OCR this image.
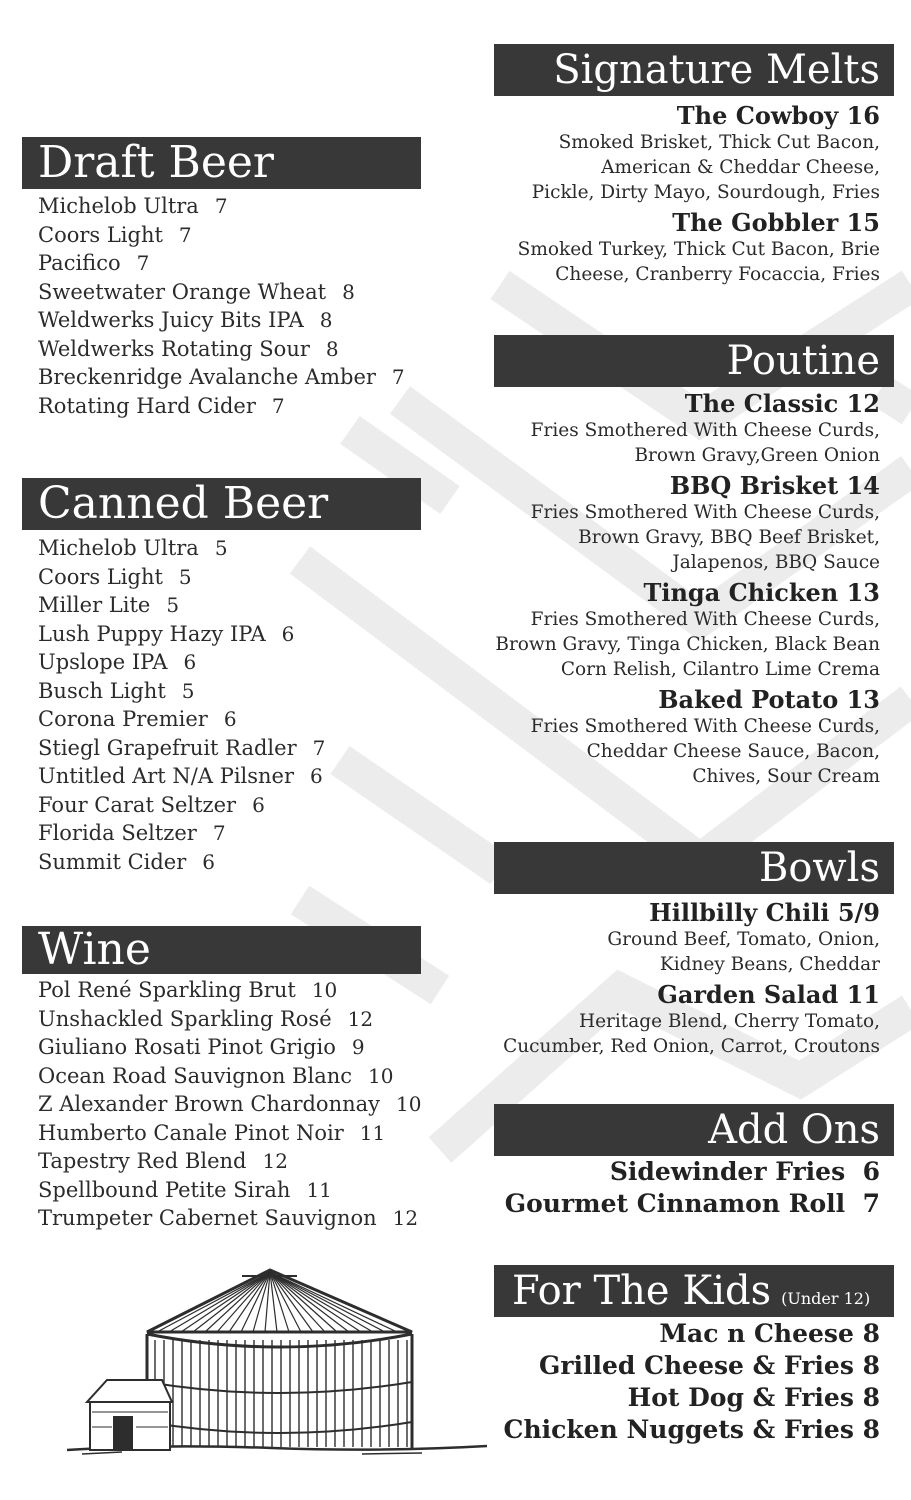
Draft Beer
Michelob Ultra 7
Coors Light 7
Pacifico 7
Sweetwater Orange Wheat 8
Weldwerks Juicy Bits IPA 8
Weldwerks Rotating Sour 8
Breckenridge Avalanche Amber 7
Rotating Hard Cider 7
Canned Beer
Michelob Ultra 5
Coors Light 5
Miller Lite 5
Lush Puppy Hazy IPA 6
Upslope IPA 6
Busch Light 5
Corona Premier 6
Stiegl Grapefruit Radler 7
Untitled Art N/A Pilsner 6
Four Carat Seltzer 6
Florida Seltzer 7
Summit Cider 6
Wine
Pol René Sparkling Brut 10
Unshackled Sparkling Rosé 12
Giuliano Rosati Pinot Grigio 9
Ocean Road Sauvignon Blanc 10
Z Alexander Brown Chardonnay 10
Humberto Canale Pinot Noir 11
Tapestry Red Blend 12
Spellbound Petite Sirah 11
Trumpeter Cabernet Sauvignon 12
Signature Melts
The Cowboy 16
Smoked Brisket, Thick Cut Bacon,
American & Cheddar Cheese,
Pickle, Dirty Mayo, Sourdough, Fries
The Gobbler 15
Smoked Turkey, Thick Cut Bacon, Brie
Cheese, Cranberry Focaccia, Fries
Poutine
The Classic 12
Fries Smothered With Cheese Curds,
Brown Gravy,Green Onion
BBQ Brisket 14
Fries Smothered With Cheese Curds,
Brown Gravy, BBQ Beef Brisket,
Jalapenos, BBQ Sauce
Tinga Chicken 13
Fries Smothered With Cheese Curds,
Brown Gravy, Tinga Chicken, Black Bean
Corn Relish, Cilantro Lime Crema
Baked Potato 13
Fries Smothered With Cheese Curds,
Cheddar Cheese Sauce, Bacon,
Chives, Sour Cream
Bowls
Hillbilly Chili 5/9
Ground Beef, Tomato, Onion,
Kidney Beans, Cheddar
Garden Salad 11
Heritage Blend, Cherry Tomato,
Cucumber, Red Onion, Carrot, Croutons
Add Ons
Sidewinder Fries 6
Gourmet Cinnamon Roll 7
For The Kids (Under 12)
Mac n Cheese 8
Grilled Cheese & Fries 8
Hot Dog & Fries 8
Chicken Nuggets & Fries 8
